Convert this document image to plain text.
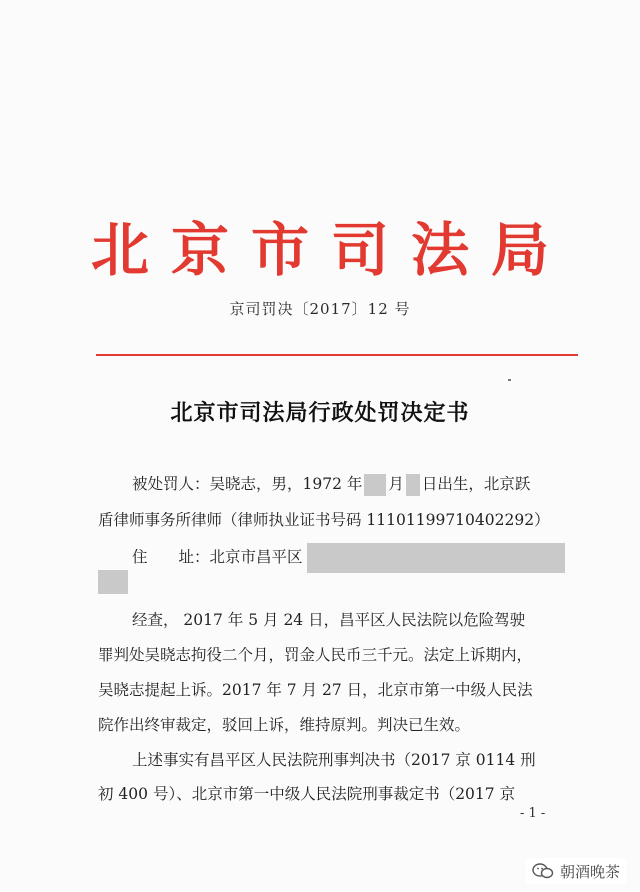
北京市司法局
京司罚决〔2017〕12 号
北京市司法局行政处罚决定书
被处罚人：吴晓志，男，1972 年 月 日出生，北京跃
盾律师事务所律师（律师执业证书号码 11101199710402292）
住　　址：北京市昌平区
经查， 2017 年 5 月 24 日，昌平区人民法院以危险驾驶
罪判处吴晓志拘役二个月，罚金人民币三千元。法定上诉期内，
吴晓志提起上诉。2017 年 7 月 27 日，北京市第一中级人民法
院作出终审裁定，驳回上诉，维持原判。判决已生效。
上述事实有昌平区人民法院刑事判决书（2017 京 0114 刑
初 400 号）、北京市第一中级人民法院刑事裁定书（2017 京
- 1 -
朝酒晚茶
